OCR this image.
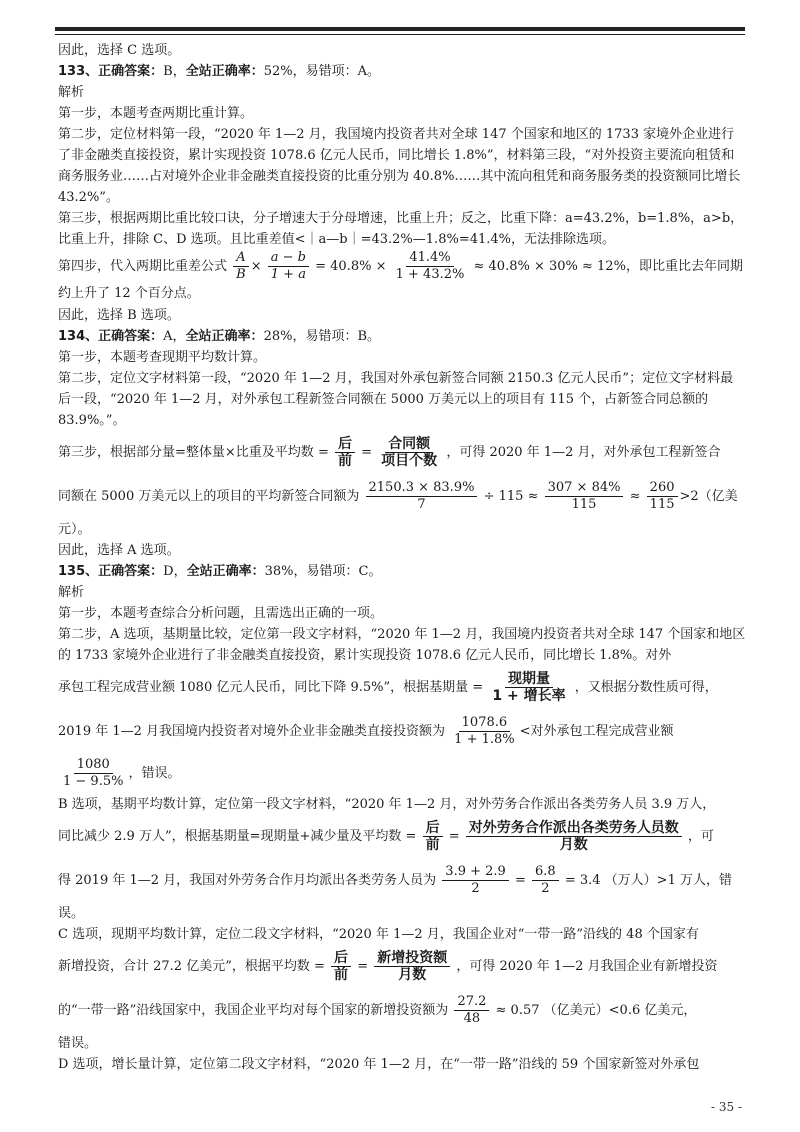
因此，选择 C 选项。

133、正确答案：B，全站正确率：52%，易错项：A。

解析

第一步，本题考查两期比重计算。

第二步，定位材料第一段，“2020 年 1—2 月，我国境内投资者共对全球 147 个国家和地区的 1733 家境外企业进行了非金融类直接投资，累计实现投资 1078.6 亿元人民币，同比增长 1.8%”，材料第三段，“对外投资主要流向租赁和商务服务业……占对境外企业非金融类直接投资的比重分别为 40.8%……其中流向租凭和商务服务类的投资额同比增长 43.2%”。

第三步，根据两期比重比较口诀，分子增速大于分母增速，比重上升；反之，比重下降：a=43.2%，b=1.8%，a>b，比重上升，排除 C、D 选项。且比重差值<｜a—b｜=43.2%—1.8%=41.4%，无法排除选项。

第四步，代入两期比重差公式 $\frac{A}{B} \times \frac{a - b}{1 + a} = 40.8\% \times \frac{41.4\%}{1 + 43.2\%} \approx 40.8\% \times 30\% \approx 12\%$，即比重比去年同期约上升了 12 个百分点。

因此，选择 B 选项。

134、正确答案：A，全站正确率：28%，易错项：B。

第一步，本题考查现期平均数计算。

第二步，定位文字材料第一段，“2020 年 1—2 月，我国对外承包新签合同额 2150.3 亿元人民币”；定位文字材料最后一段，“2020 年 1—2 月，对外承包工程新签合同额在 5000 万美元以上的项目有 115 个，占新签合同总额的 83.9%。”。

第三步，根据部分量=整体量×比重及平均数 = $\frac{\text{后}}{\text{前}} = \frac{\text{合同额}}{\text{项目个数}}$ ，可得 2020 年 1—2 月，对外承包工程新签合

同额在 5000 万美元以上的项目的平均新签合同额为 $\frac{2150.3 \times 83.9\%}{7} \div 115 \approx \frac{307 \times 84\%}{115} \approx \frac{260}{115} >2$（亿美

元）。

因此，选择 A 选项。

135、正确答案：D，全站正确率：38%，易错项：C。

解析

第一步，本题考查综合分析问题，且需选出正确的一项。

第二步，A 选项，基期量比较，定位第一段文字材料，“2020 年 1—2 月，我国境内投资者共对全球 147 个国家和地区的 1733 家境外企业进行了非金融类直接投资，累计实现投资 1078.6 亿元人民币，同比增长 1.8%。对外

承包工程完成营业额 1080 亿元人民币，同比下降 9.5%”，根据基期量 = $\frac{\text{现期量}}{\text{1 + 增长率}}$ ，又根据分数性质可得，

2019 年 1—2 月我国境内投资者对境外企业非金融类直接投资额为 $\frac{1078.6}{1 + 1.8\%}$ <对外承包工程完成营业额

$\frac{1080}{1 - 9.5\%}$ ，错误。

B 选项，基期平均数计算，定位第一段文字材料，“2020 年 1—2 月，对外劳务合作派出各类劳务人员 3.9 万人，

同比减少 2.9 万人”，根据基期量=现期量+减少量及平均数 = $\frac{\text{后}}{\text{前}} = \frac{\text{对外劳务合作派出各类劳务人员数}}{\text{月数}}$ ，可

得 2019 年 1—2 月，我国对外劳务合作月均派出各类劳务人员为 $\frac{3.9 + 2.9}{2} = \frac{6.8}{2} = 3.4$ （万人）>1 万人，错

误。

C 选项，现期平均数计算，定位二段文字材料，“2020 年 1—2 月，我国企业对“一带一路”沿线的 48 个国家有

新增投资，合计 27.2 亿美元”，根据平均数 = $\frac{\text{后}}{\text{前}} = \frac{\text{新增投资额}}{\text{月数}}$ ，可得 2020 年 1—2 月我国企业有新增投资

的“一带一路”沿线国家中，我国企业平均对每个国家的新增投资额为 $\frac{27.2}{48} \approx 0.57$ （亿美元）<0.6 亿美元，

错误。

D 选项，增长量计算，定位第二段文字材料，“2020 年 1—2 月，在“一带一路”沿线的 59 个国家新签对外承包

- 35 -
